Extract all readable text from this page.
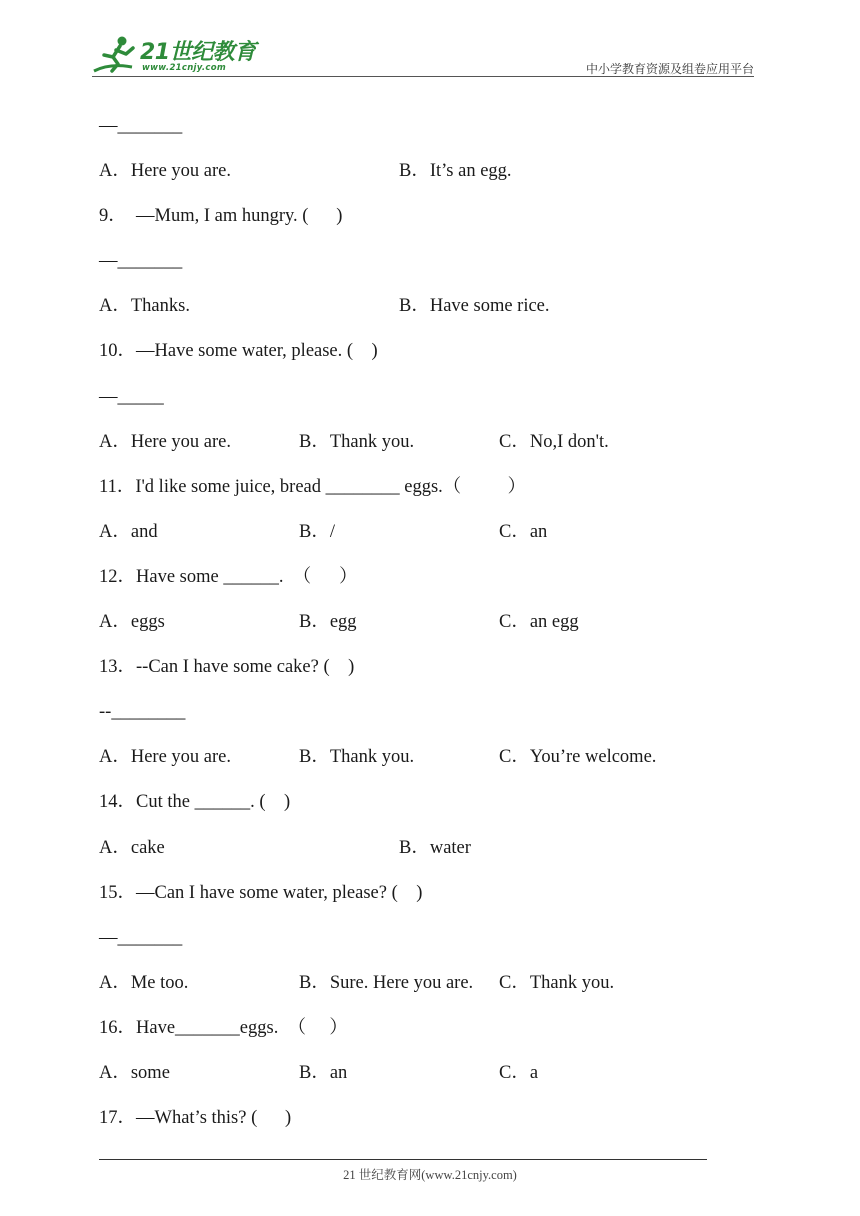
21世纪教育
www.21cnjy.com	中小学教育资源及组卷应用平台
—_______
A．Here you are.	B．It’s an egg.
9．  —Mum, I am hungry. (      )
—_______
A．Thanks.	B．Have some rice.
10．—Have some water, please. (    )
—_____
A．Here you are.	B．Thank you.	C．No,I don't.
11．I'd like some juice, bread ________ eggs.（          ）
A．and	B．/	C．an
12．Have some ______.  （      ）
A．eggs	B．egg	C．an egg
13．--Can I have some cake? (    )
--________
A．Here you are.	B．Thank you.	C．You’re welcome.
14．Cut the ______. (    )
A．cake	B．water
15．—Can I have some water, please? (    )
—_______
A．Me too.	B．Sure. Here you are. C．Thank you.
16．Have_______eggs.  （     ）
A．some	B．an	C．a
17．—What’s this? (      )
21 世纪教育网(www.21cnjy.com)
